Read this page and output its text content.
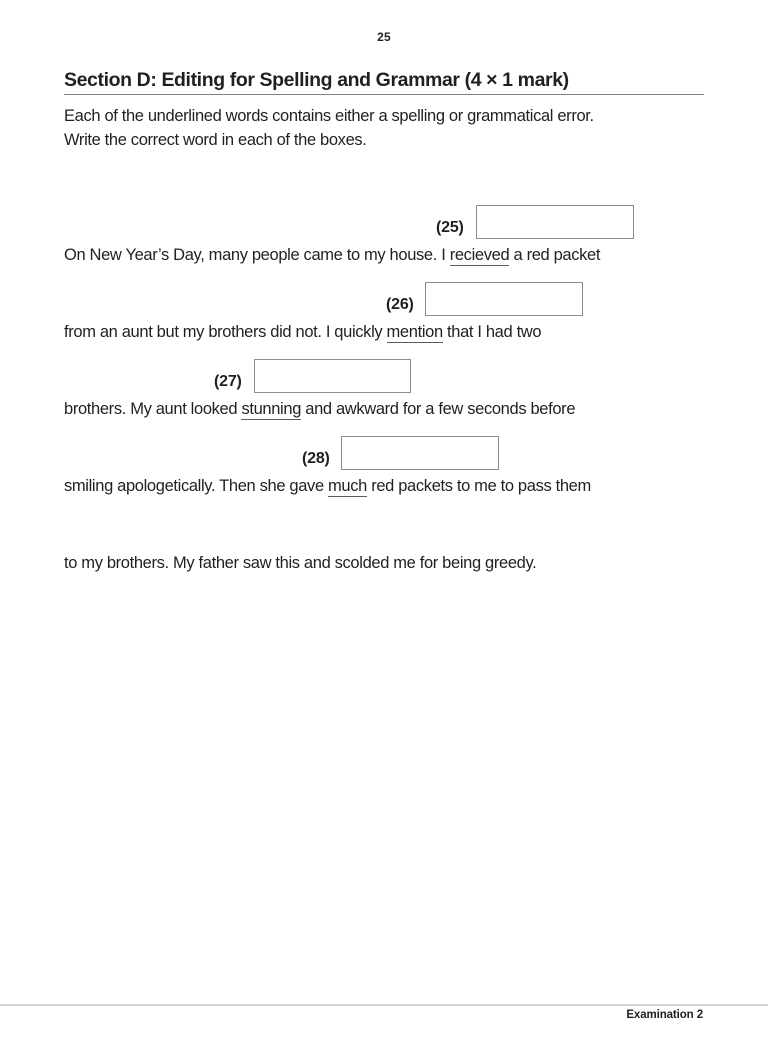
25
Section D: Editing for Spelling and Grammar (4 × 1 mark)
Each of the underlined words contains either a spelling or grammatical error.
Write the correct word in each of the boxes.
(25)
On New Year’s Day, many people came to my house. I recieved a red packet
(26)
from an aunt but my brothers did not. I quickly mention that I had two
(27)
brothers. My aunt looked stunning and awkward for a few seconds before
(28)
smiling apologetically. Then she gave much red packets to me to pass them
to my brothers. My father saw this and scolded me for being greedy.
Examination 2
